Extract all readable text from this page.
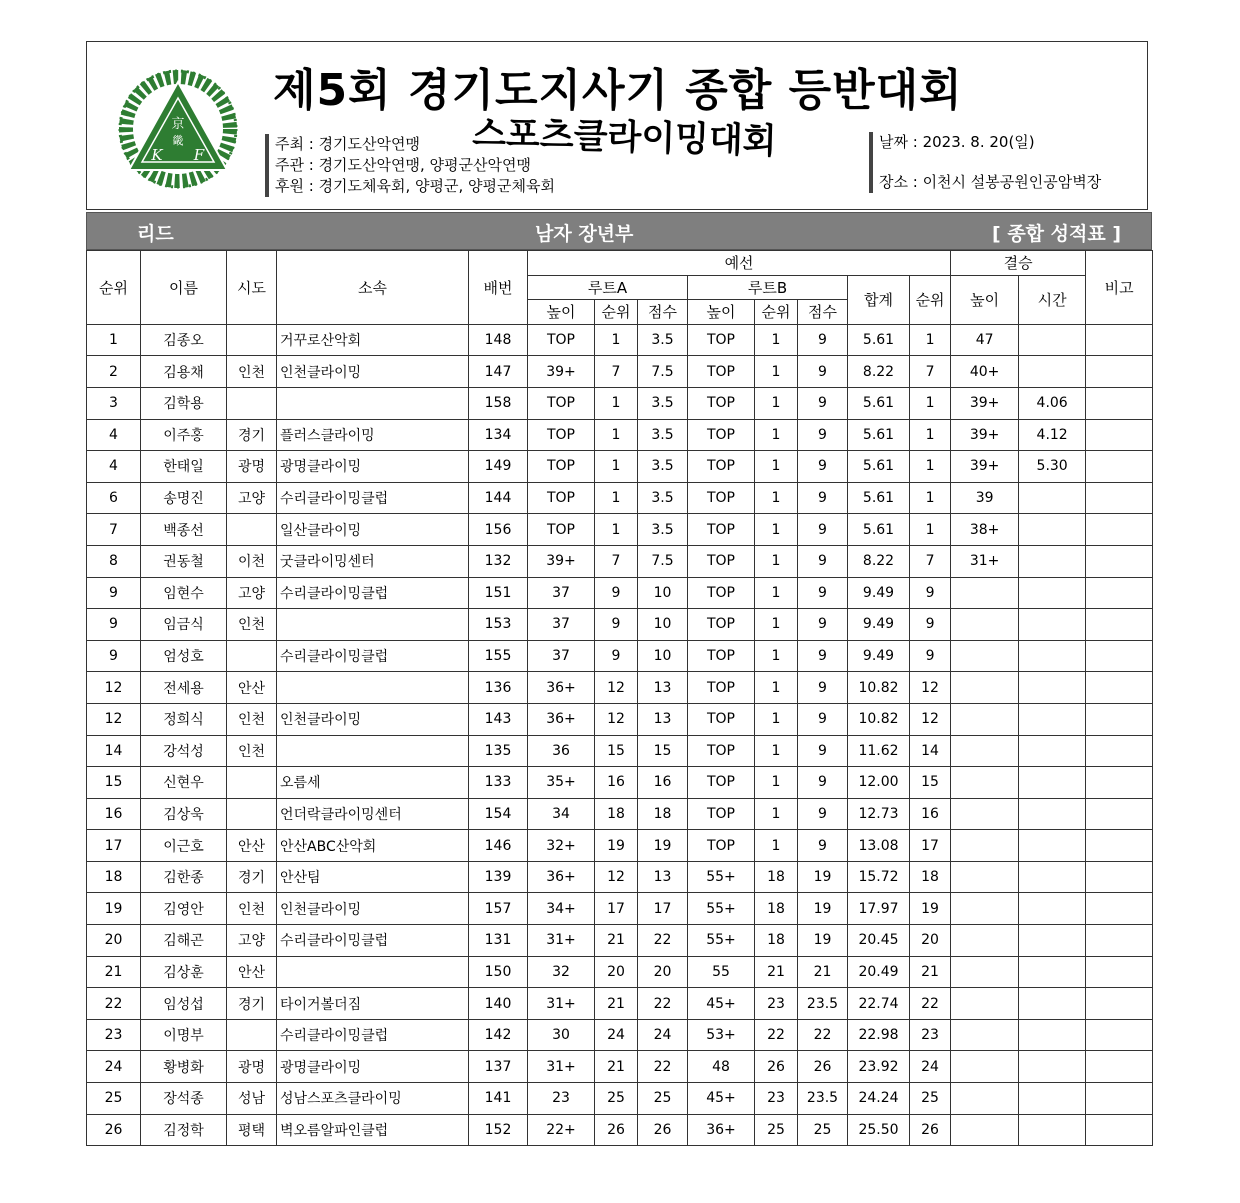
京
畿
K F
제5회 경기도지사기 종합 등반대회
스포츠클라이밍대회
주최 : 경기도산악연맹
주관 : 경기도산악연맹, 양평군산악연맹
후원 : 경기도체육회, 양평군, 양평군체육회
날짜 : 2023. 8. 20(일)
장소 : 이천시 설봉공원인공암벽장
리드	남자 장년부	[ 종합 성적표 ]
순위	이름	시도	소속	배번	예선								결승		비고
					루트A			루트B			합계	순위	높이	시간	
					높이	순위	점수	높이	순위	점수					
1	김종오		거꾸로산악회	148	TOP	1	3.5	TOP	1	9	5.61	1	47		
2	김용채	인천	인천클라이밍	147	39+	7	7.5	TOP	1	9	8.22	7	40+		
3	김학용			158	TOP	1	3.5	TOP	1	9	5.61	1	39+	4.06	
4	이주홍	경기	플러스클라이밍	134	TOP	1	3.5	TOP	1	9	5.61	1	39+	4.12	
4	한태일	광명	광명클라이밍	149	TOP	1	3.5	TOP	1	9	5.61	1	39+	5.30	
6	송명진	고양	수리클라이밍클럽	144	TOP	1	3.5	TOP	1	9	5.61	1	39		
7	백종선		일산클라이밍	156	TOP	1	3.5	TOP	1	9	5.61	1	38+		
8	권동철	이천	굿클라이밍센터	132	39+	7	7.5	TOP	1	9	8.22	7	31+		
9	임현수	고양	수리클라이밍클럽	151	37	9	10	TOP	1	9	9.49	9			
9	임금식	인천		153	37	9	10	TOP	1	9	9.49	9			
9	엄성호		수리클라이밍클럽	155	37	9	10	TOP	1	9	9.49	9			
12	전세용	안산		136	36+	12	13	TOP	1	9	10.82	12			
12	정희식	인천	인천클라이밍	143	36+	12	13	TOP	1	9	10.82	12			
14	강석성	인천		135	36	15	15	TOP	1	9	11.62	14			
15	신현우		오름세	133	35+	16	16	TOP	1	9	12.00	15			
16	김상욱		언더락클라이밍센터	154	34	18	18	TOP	1	9	12.73	16			
17	이근호	안산	안산ABC산악회	146	32+	19	19	TOP	1	9	13.08	17			
18	김한종	경기	안산팀	139	36+	12	13	55+	18	19	15.72	18			
19	김영안	인천	인천클라이밍	157	34+	17	17	55+	18	19	17.97	19			
20	김해곤	고양	수리클라이밍클럽	131	31+	21	22	55+	18	19	20.45	20			
21	김상훈	안산		150	32	20	20	55	21	21	20.49	21			
22	임성섭	경기	타이거볼더짐	140	31+	21	22	45+	23	23.5	22.74	22			
23	이명부		수리클라이밍클럽	142	30	24	24	53+	22	22	22.98	23			
24	황병화	광명	광명클라이밍	137	31+	21	22	48	26	26	23.92	24			
25	장석종	성남	성남스포츠클라이밍	141	23	25	25	45+	23	23.5	24.24	25			
26	김정학	평택	벽오름알파인클럽	152	22+	26	26	36+	25	25	25.50	26			
